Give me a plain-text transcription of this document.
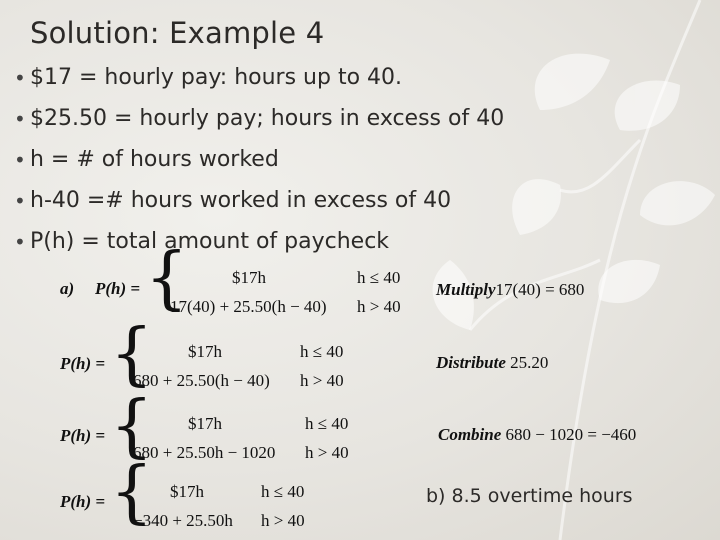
Solution: Example 4
• $17 = hourly pay: hours up to 40.
• $25.50 = hourly pay; hours in excess of 40
• h = # of hours worked
• h-40 =# hours worked in excess of 40
• P(h) = total amount of paycheck
a) P(h) = {	$17h	h ≤ 40
17(40) + 25.50(h − 40) h > 40
Multiply17(40) = 680
P(h) = { $17h	h ≤ 40
680 + 25.50(h − 40) h > 40
Distribute 25.20
P(h) = { $17h	h ≤ 40
680 + 25.50h − 1020 h > 40
Combine 680 − 1020 = −460
P(h) = { $17h	h ≤ 40
−340 + 25.50h h > 40
b) 8.5 overtime hours
